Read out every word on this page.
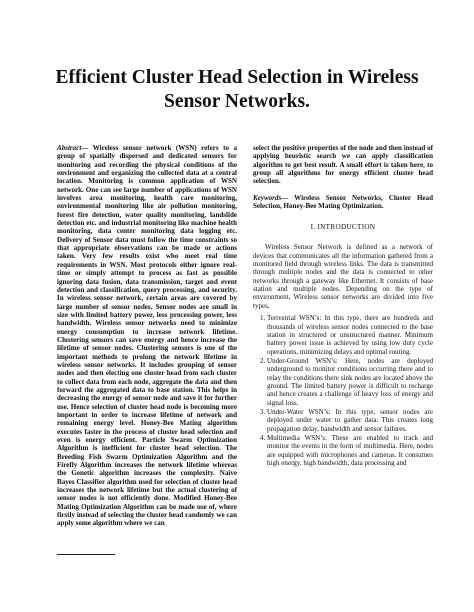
Efficient Cluster Head Selection in Wireless Sensor Networks.

Abstract— Wireless sensor network (WSN) refers to a group of spatially dispersed and dedicated sensors for monitoring and recording the physical conditions of the environment and organizing the collected data at a central location. Monitoring is common application of WSN network. One can see large number of applications of WSN involves area monitoring, health care monitoring, environmental monitoring like air pollution monitoring, forest fire detection, water quality monitoring, landslide detection etc. and industrial monitoring like machine health monitoring, data center monitoring data logging etc. Delivery of Sensor data must follow the time constraints so that appropriate observations can be made or actions taken. Very few results exist who meet real time requirements in WSN. Most protocols either ignore real-time or simply attempt to process as fast as possible ignoring data fusion, data transmission, target and event detection and classification, query processing, and security. In wireless sensor network, certain areas are covered by large number of sensor nodes. Sensor nodes are small in size with limited battery power, less processing power, less bandwidth. Wireless sensor networks need to minimize energy consumption to increase network lifetime. Clustering sensors can save energy and hence increase the lifetime of sensor nodes. Clustering sensors is one of the important methods to prolong the network lifetime in wireless sensor networks. It includes grouping of sensor nodes and then electing one cluster head from each cluster to collect data from each node, aggregate the data and then forward the aggregated data to base station. This helps in decreasing the energy of sensor node and save it for further use. Hence selection of cluster head node is becoming more important in order to increase lifetime of network and remaining energy level. Honey-Bee Mating algorithm executes faster in the process of cluster head selection and even is energy efficient. Particle Swarm Optimization Algorithm is inefficient for cluster head selection. The Breeding Fish Swarm Optimization Algorithm and the Firefly Algorithm increases the network lifetime whereas the Genetic algorithm increases the complexity. Naïve Bayes Classifier algorithm used for selection of cluster head increases the network lifetime but the actual clustering of sensor nodes is not efficiently done. Modified Honey-Bee Mating Optimization Algorithm can be made use of, where firstly instead of selecting the cluster head randomly we can apply some algorithm where we can

select the positive properties of the node and then instead of applying heuristic search we can apply classification algorithm to get best result. A small effort is taken here, to group all algorithms for energy efficient cluster head selection.

Keywords— Wireless Sensor Networks, Cluster Head Selection, Honey-Bee Mating Optimization.

I. INTRODUCTION

Wireless Sensor Network is defined as a network of devices that communicates all the information gathered from a monitored field through wireless links. The data is transmitted through multiple nodes and the data is connected to other networks through a gateway like Ethernet. It consists of base station and multiple nodes. Depending on the type of environment, Wireless sensor networks are divided into five types,

1. Terrestrial WSN’s: In this type, there are hundreds and thousands of wireless sensor nodes connected to the base station in structured or unstructured manner. Minimum battery power issue is achieved by using low duty cycle operations, minimizing delays and optimal routing.
2. Under-Ground WSN’s: Here, nodes are deployed underground to monitor conditions occurring there and to relay the conditions there sink nodes are located above the ground. The limited battery power is difficult to recharge and hence creates a challenge of heavy loss of energy and signal loss.
3. Under-Water WSN’s: In this type, sensor nodes are deployed under water to gather data. This creates long propagation delay, bandwidth and sensor failures.
4. Multimedia WSN’s: These are enabled to track and monitor the events in the form of multimedia. Here, nodes are equipped with microphones and cameras. It consumes high energy, high bandwidth, data processing and
